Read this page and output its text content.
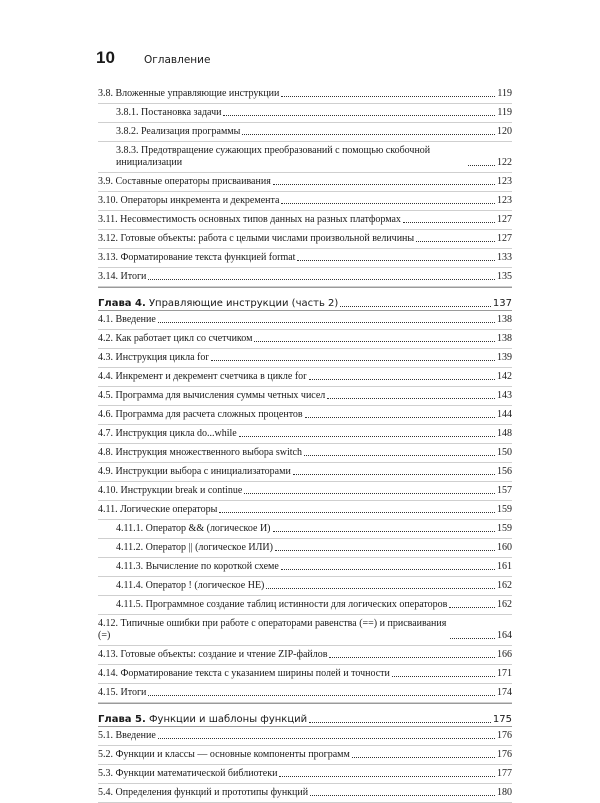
10	Оглавление
3.8. Вложенные управляющие инструкции	119
3.8.1. Постановка задачи	119
3.8.2. Реализация программы	120
3.8.3. Предотвращение сужающих преобразований с помощью скобочной инициализации	122
3.9. Составные операторы присваивания	123
3.10. Операторы инкремента и декремента	123
3.11. Несовместимость основных типов данных на разных платформах	127
3.12. Готовые объекты: работа с целыми числами произвольной величины	127
3.13. Форматирование текста функцией format	133
3.14. Итоги	135
Глава 4. Управляющие инструкции (часть 2)	137
4.1. Введение	138
4.2. Как работает цикл со счетчиком	138
4.3. Инструкция цикла for	139
4.4. Инкремент и декремент счетчика в цикле for	142
4.5. Программа для вычисления суммы четных чисел	143
4.6. Программа для расчета сложных процентов	144
4.7. Инструкция цикла do...while	148
4.8. Инструкция множественного выбора switch	150
4.9. Инструкции выбора с инициализаторами	156
4.10. Инструкции break и continue	157
4.11. Логические операторы	159
4.11.1. Оператор && (логическое И)	159
4.11.2. Оператор || (логическое ИЛИ)	160
4.11.3. Вычисление по короткой схеме	161
4.11.4. Оператор ! (логическое НЕ)	162
4.11.5. Программное создание таблиц истинности для логических операторов	162
4.12. Типичные ошибки при работе с операторами равенства (==) и присваивания (=)	164
4.13. Готовые объекты: создание и чтение ZIP-файлов	166
4.14. Форматирование текста с указанием ширины полей и точности	171
4.15. Итоги	174
Глава 5. Функции и шаблоны функций	175
5.1. Введение	176
5.2. Функции и классы — основные компоненты программ	176
5.3. Функции математической библиотеки	177
5.4. Определения функций и прототипы функций	180
